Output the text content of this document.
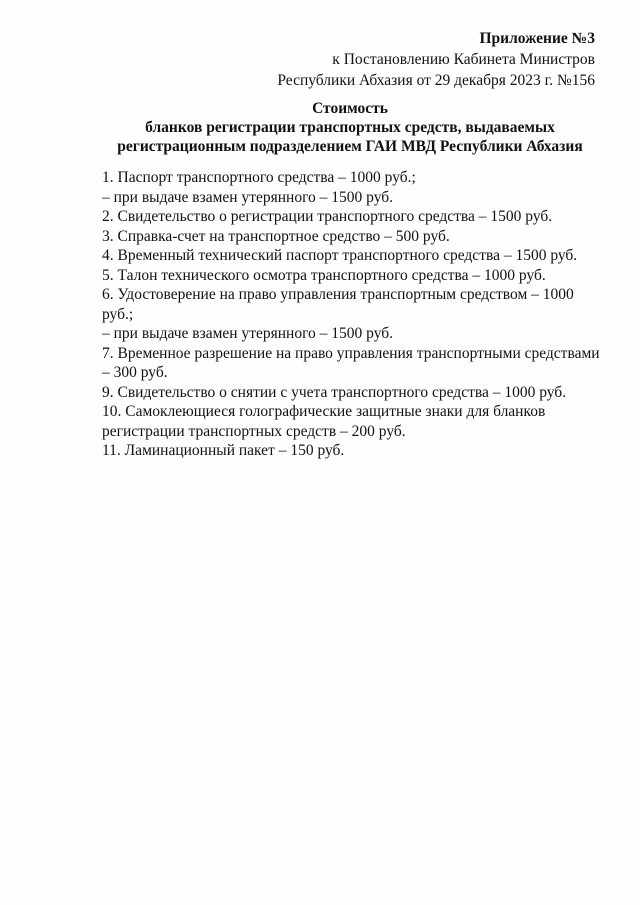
Приложение №3
к Постановлению Кабинета Министров
Республики Абхазия от 29 декабря 2023 г. №156
Стоимость
бланков регистрации транспортных средств, выдаваемых
регистрационным подразделением ГАИ МВД Республики Абхазия
1. Паспорт транспортного средства – 1000 руб.;
– при выдаче взамен утерянного – 1500 руб.
2. Свидетельство о регистрации транспортного средства – 1500 руб.
3. Справка-счет на транспортное средство – 500 руб.
4. Временный технический паспорт транспортного средства – 1500 руб.
5. Талон технического осмотра транспортного средства – 1000 руб.
6. Удостоверение на право управления транспортным средством – 1000
руб.;
– при выдаче взамен утерянного – 1500 руб.
7. Временное разрешение на право управления транспортными средствами
– 300 руб.
9. Свидетельство о снятии с учета транспортного средства – 1000 руб.
10. Самоклеющиеся голографические защитные знаки для бланков
регистрации транспортных средств – 200 руб.
11. Ламинационный пакет – 150 руб.
